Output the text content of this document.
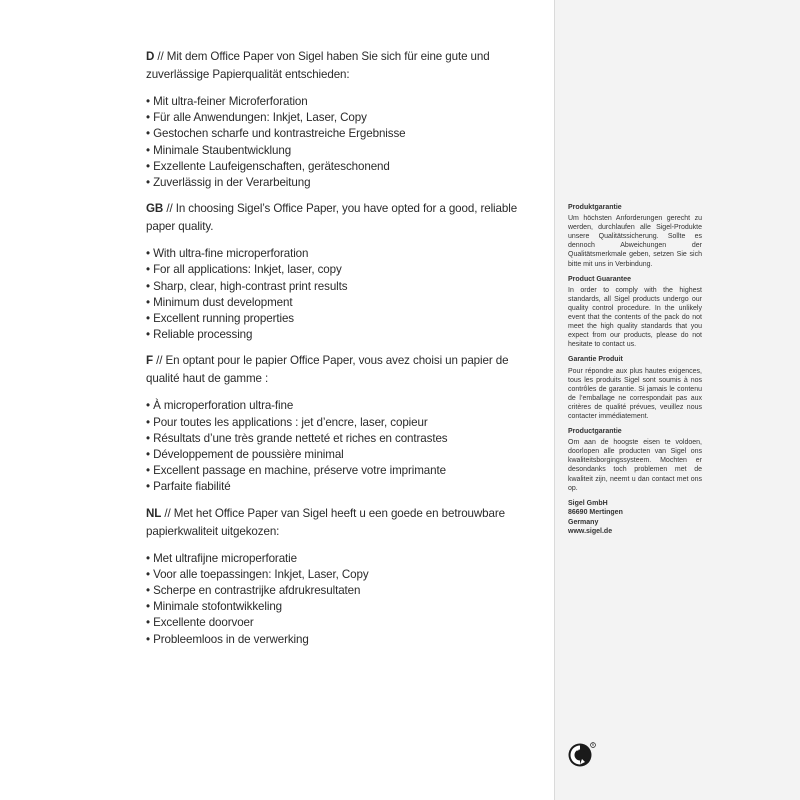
D // Mit dem Office Paper von Sigel haben Sie sich für eine gute und zuverlässige Papierqualität entschieden:

• Mit ultra-feiner Microferforation
• Für alle Anwendungen: Inkjet, Laser, Copy
• Gestochen scharfe und kontrastreiche Ergebnisse
• Minimale Staubentwicklung
• Exzellente Laufeigenschaften, geräteschonend
• Zuverlässig in der Verarbeitung

GB // In choosing Sigel’s Office Paper, you have opted for a good, reliable paper quality.

• With ultra-fine microperforation
• For all applications: Inkjet, laser, copy
• Sharp, clear, high-contrast print results
• Minimum dust development
• Excellent running properties
• Reliable processing

F // En optant pour le papier Office Paper, vous avez choisi un papier de qualité haut de gamme :

• À microperforation ultra-fine
• Pour toutes les applications : jet d’encre, laser, copieur
• Résultats d’une très grande netteté et riches en contrastes
• Développement de poussière minimal
• Excellent passage en machine, préserve votre imprimante
• Parfaite fiabilité

NL // Met het Office Paper van Sigel heeft u een goede en betrouwbare papierkwaliteit uitgekozen:

• Met ultrafijne microperforatie
• Voor alle toepassingen: Inkjet, Laser, Copy
• Scherpe en contrastrijke afdrukresultaten
• Minimale stofontwikkeling
• Excellente doorvoer
• Probleemloos in de verwerking
Produktgarantie
Um höchsten Anforderungen gerecht zu werden, durchlaufen alle Sigel-Produkte unsere Qualitätssicherung. Sollte es dennoch Abweichungen der Qualitätsmerkmale geben, setzen Sie sich bitte mit uns in Verbindung.
Product Guarantee
In order to comply with the highest standards, all Sigel products undergo our quality control procedure. In the unlikely event that the contents of the pack do not meet the high quality standards that you expect from our products, please do not hesitate to contact us.
Garantie Produit
Pour répondre aux plus hautes exigences, tous les produits Sigel sont soumis à nos contrôles de garantie. Si jamais le contenu de l’emballage ne correspondait pas aux critères de qualité prévues, veuillez nous contacter immédiatement.
Productgarantie
Om aan de hoogste eisen te voldoen, doorlopen alle producten van Sigel ons kwaliteitsborgingssysteem. Mochten er desondanks toch problemen met de kwaliteit zijn, neemt u dan contact met ons op.
Sigel GmbH
86690 Mertingen
Germany
www.sigel.de
R
